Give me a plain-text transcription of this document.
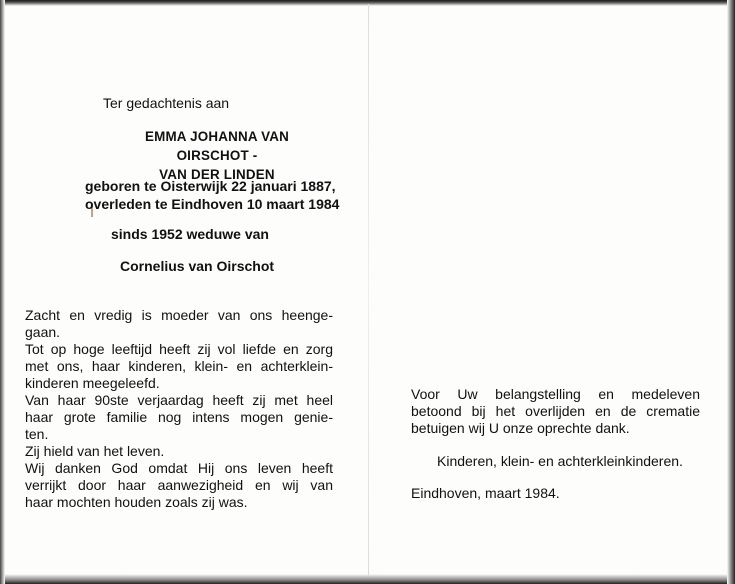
Ter gedachtenis aan
EMMA JOHANNA VAN OIRSCHOT -
VAN DER LINDEN
geboren te Oisterwijk 22 januari 1887,
overleden te Eindhoven 10 maart 1984
sinds 1952 weduwe van
Cornelius van Oirschot
Zacht en vredig is moeder van ons heenge-
gaan.
Tot op hoge leeftijd heeft zij vol liefde en zorg
met ons, haar kinderen, klein- en achterklein-
kinderen meegeleefd.
Van haar 90ste verjaardag heeft zij met heel
haar grote familie nog intens mogen genie-
ten.
Zij hield van het leven.
Wij danken God omdat Hij ons leven heeft
verrijkt door haar aanwezigheid en wij van
haar mochten houden zoals zij was.
Voor Uw belangstelling en medeleven
betoond bij het overlijden en de crematie
betuigen wij U onze oprechte dank.
Kinderen, klein- en achterkleinkinderen.
Eindhoven, maart 1984.
